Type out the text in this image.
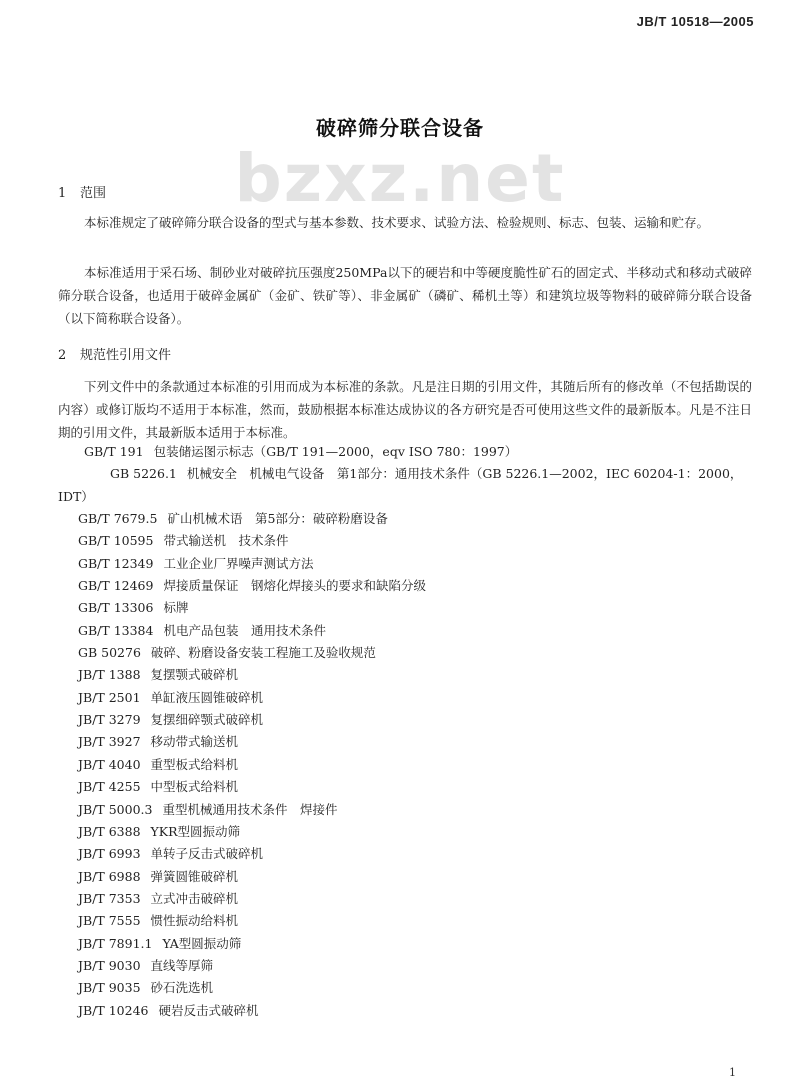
JB/T 10518—2005
bzxz.net
破碎筛分联合设备
1 范围
本标准规定了破碎筛分联合设备的型式与基本参数、技术要求、试验方法、检验规则、标志、包装、运输和贮存。
本标准适用于采石场、制砂业对破碎抗压强度250MPa以下的硬岩和中等硬度脆性矿石的固定式、半移动式和移动式破碎筛分联合设备，也适用于破碎金属矿（金矿、铁矿等）、非金属矿（磷矿、稀机土等）和建筑垃圾等物料的破碎筛分联合设备（以下简称联合设备）。
2 规范性引用文件
下列文件中的条款通过本标准的引用而成为本标准的条款。凡是注日期的引用文件，其随后所有的修改单（不包括勘误的内容）或修订版均不适用于本标准，然而，鼓励根据本标准达成协议的各方研究是否可使用这些文件的最新版本。凡是不注日期的引用文件，其最新版本适用于本标准。
GB/T 191 包装储运图示标志（GB/T 191—2000，eqv ISO 780：1997）
GB 5226.1 机械安全　机械电气设备　第1部分：通用技术条件（GB 5226.1—2002，IEC 60204-1：2000，IDT）
GB/T 7679.5 矿山机械术语　第5部分：破碎粉磨设备
GB/T 10595 带式输送机　技术条件
GB/T 12349 工业企业厂界噪声测试方法
GB/T 12469 焊接质量保证　钢熔化焊接头的要求和缺陷分级
GB/T 13306 标牌
GB/T 13384 机电产品包装　通用技术条件
GB 50276 破碎、粉磨设备安装工程施工及验收规范
JB/T 1388 复摆颚式破碎机
JB/T 2501 单缸液压圆锥破碎机
JB/T 3279 复摆细碎颚式破碎机
JB/T 3927 移动带式输送机
JB/T 4040 重型板式给料机
JB/T 4255 中型板式给料机
JB/T 5000.3 重型机械通用技术条件　焊接件
JB/T 6388 YKR型圆振动筛
JB/T 6993 单转子反击式破碎机
JB/T 6988 弹簧圆锥破碎机
JB/T 7353 立式冲击破碎机
JB/T 7555 惯性振动给料机
JB/T 7891.1 YA型圆振动筛
JB/T 9030 直线等厚筛
JB/T 9035 砂石洗选机
JB/T 10246 硬岩反击式破碎机
1
